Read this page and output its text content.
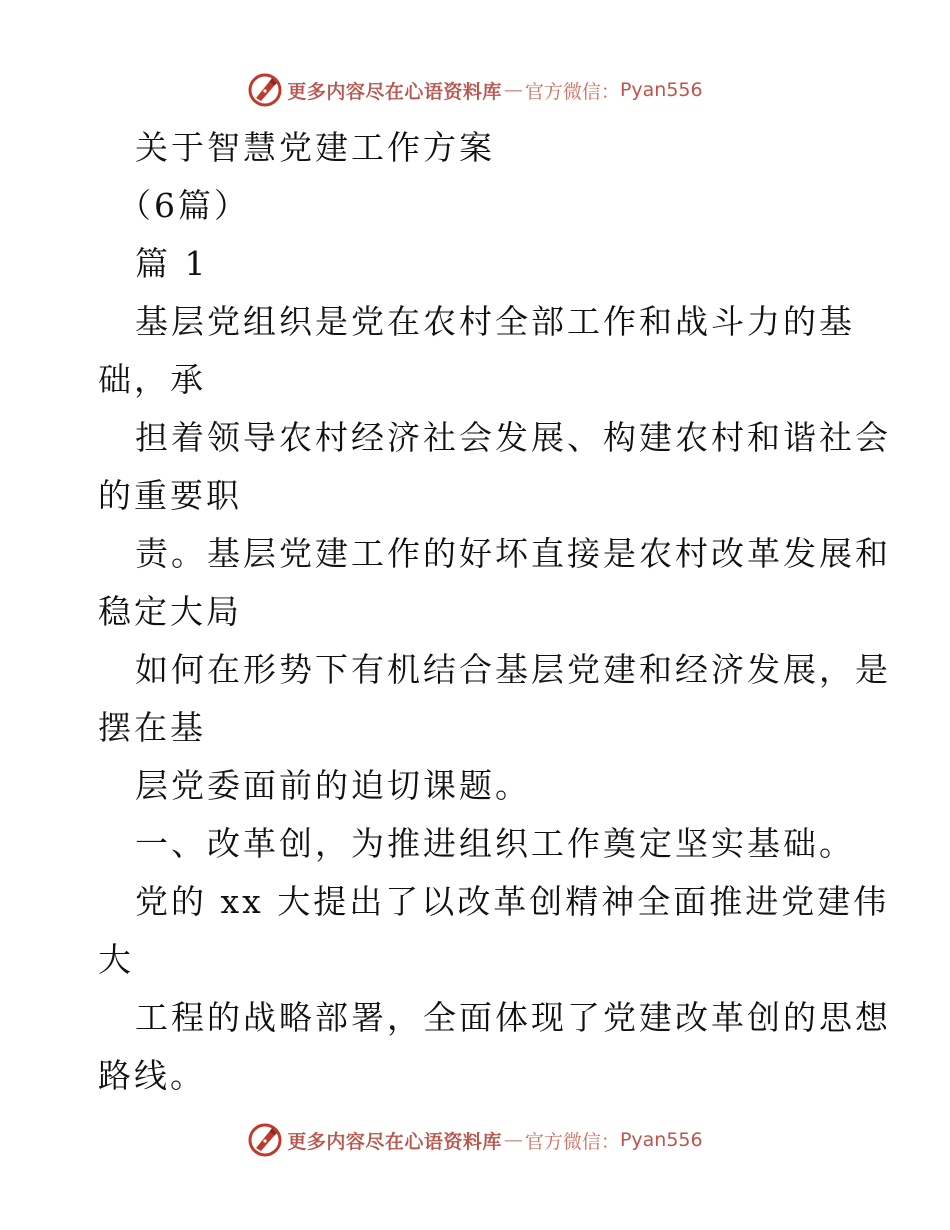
更多内容尽在心语资料库 — 官方微信： Pyan556
关于智慧党建工作方案
（6篇）
篇 1
基层党组织是党在农村全部工作和战斗力的基
础，承
担着领导农村经济社会发展、构建农村和谐社会
的重要职
责。基层党建工作的好坏直接是农村改革发展和
稳定大局
如何在形势下有机结合基层党建和经济发展，是
摆在基
层党委面前的迫切课题。
一、改革创，为推进组织工作奠定坚实基础。
党的 xx 大提出了以改革创精神全面推进党建伟
大
工程的战略部署，全面体现了党建改革创的思想
路线。
更多内容尽在心语资料库 — 官方微信： Pyan556
